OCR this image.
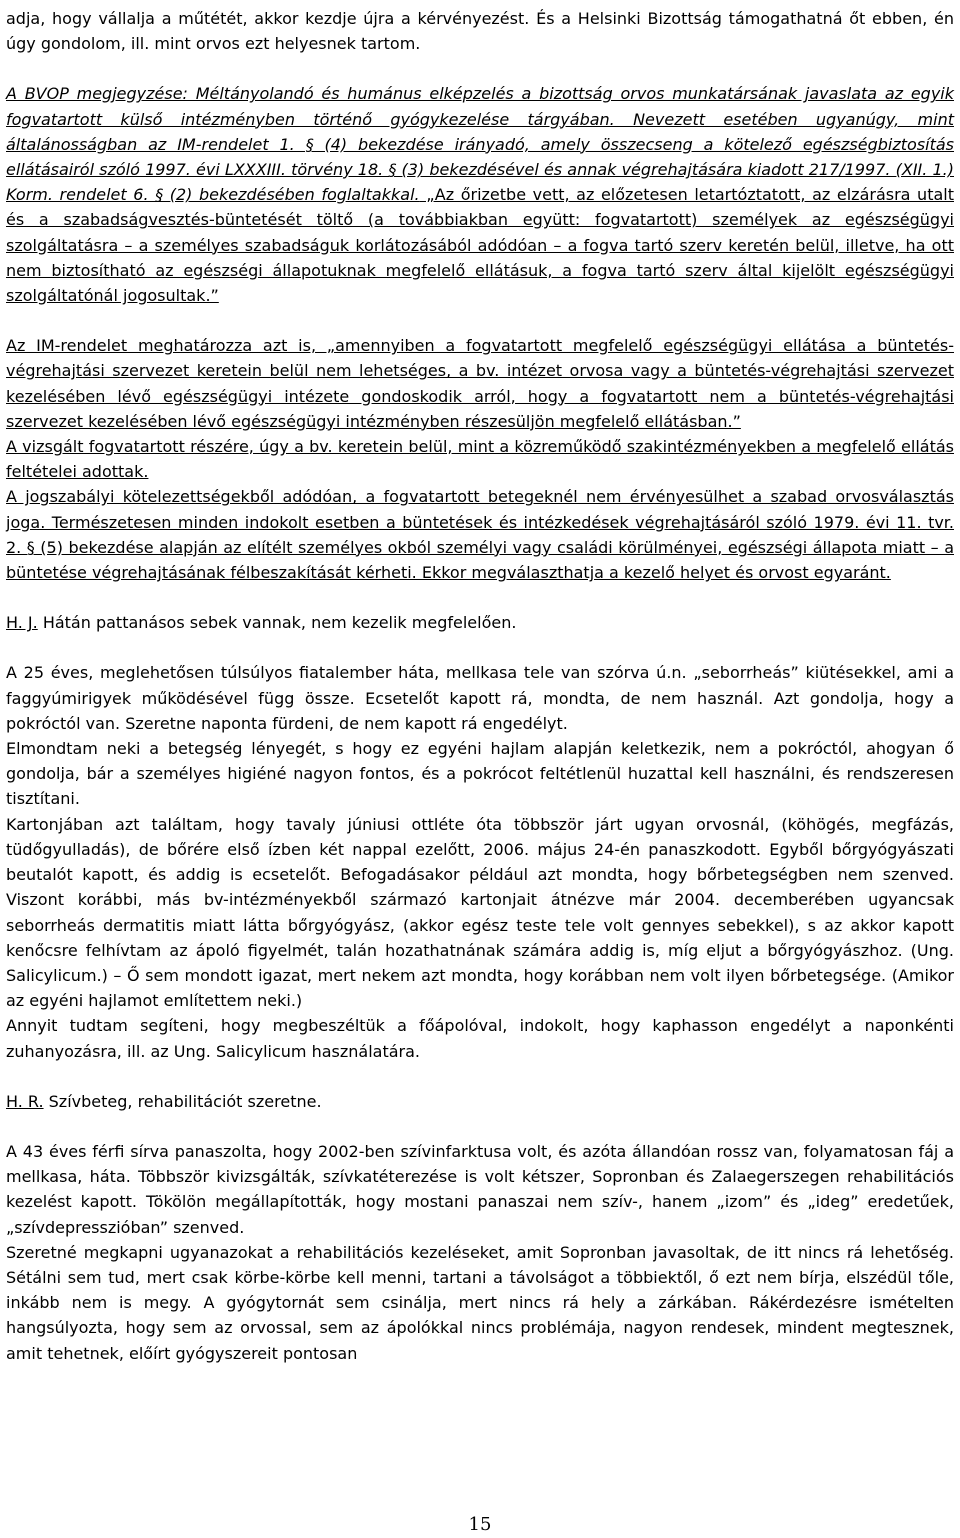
adja, hogy vállalja a műtétét, akkor kezdje újra a kérvényezést. És a Helsinki Bizottság támogathatná őt ebben, én úgy gondolom, ill. mint orvos ezt helyesnek tartom.

A BVOP megjegyzése: Méltányolandó és humánus elképzelés a bizottság orvos munkatársának javaslata az egyik fogvatartott külső intézményben történő gyógykezelése tárgyában. Nevezett esetében ugyanúgy, mint általánosságban az IM-rendelet 1. § (4) bekezdése irányadó, amely összecseng a kötelező egészségbiztosítás ellátásairól szóló 1997. évi LXXXIII. törvény 18. § (3) bekezdésével és annak végrehajtására kiadott 217/1997. (XII. 1.) Korm. rendelet 6. § (2) bekezdésében foglaltakkal. „Az őrizetbe vett, az előzetesen letartóztatott, az elzárásra utalt és a szabadságvesztés-büntetését töltő (a továbbiakban együtt: fogvatartott) személyek az egészségügyi szolgáltatásra – a személyes szabadságuk korlátozásából adódóan – a fogva tartó szerv keretén belül, illetve, ha ott nem biztosítható az egészségi állapotuknak megfelelő ellátásuk, a fogva tartó szerv által kijelölt egészségügyi szolgáltatónál jogosultak.”

Az IM-rendelet meghatározza azt is, „amennyiben a fogvatartott megfelelő egészségügyi ellátása a büntetés-végrehajtási szervezet keretein belül nem lehetséges, a bv. intézet orvosa vagy a büntetés-végrehajtási szervezet kezelésében lévő egészségügyi intézete gondoskodik arról, hogy a fogvatartott nem a büntetés-végrehajtási szervezet kezelésében lévő egészségügyi intézményben részesüljön megfelelő ellátásban.”

A vizsgált fogvatartott részére, úgy a bv. keretein belül, mint a közreműködő szakintézményekben a megfelelő ellátás feltételei adottak.

A jogszabályi kötelezettségekből adódóan, a fogvatartott betegeknél nem érvényesülhet a szabad orvosválasztás joga. Természetesen minden indokolt esetben a büntetések és intézkedések végrehajtásáról szóló 1979. évi 11. tvr. 2. § (5) bekezdése alapján az elítélt személyes okból személyi vagy családi körülményei, egészségi állapota miatt – a büntetése végrehajtásának félbeszakítását kérheti. Ekkor megválaszthatja a kezelő helyet és orvost egyaránt.

H. J. Hátán pattanásos sebek vannak, nem kezelik megfelelően.

A 25 éves, meglehetősen túlsúlyos fiatalember háta, mellkasa tele van szórva ú.n. „seborrheás” kiütésekkel, ami a faggyúmirigyek működésével függ össze. Ecsetelőt kapott rá, mondta, de nem használ. Azt gondolja, hogy a pokróctól van. Szeretne naponta fürdeni, de nem kapott rá engedélyt.

Elmondtam neki a betegség lényegét, s hogy ez egyéni hajlam alapján keletkezik, nem a pokróctól, ahogyan ő gondolja, bár a személyes higiéné nagyon fontos, és a pokrócot feltétlenül huzattal kell használni, és rendszeresen tisztítani.

Kartonjában azt találtam, hogy tavaly júniusi ottléte óta többször járt ugyan orvosnál, (köhögés, megfázás, tüdőgyulladás), de bőrére első ízben két nappal ezelőtt, 2006. május 24-én panaszkodott. Egyből bőrgyógyászati beutalót kapott, és addig is ecsetelőt. Befogadásakor például azt mondta, hogy bőrbetegségben nem szenved. Viszont korábbi, más bv-intézményekből származó kartonjait átnézve már 2004. decemberében ugyancsak seborrheás dermatitis miatt látta bőrgyógyász, (akkor egész teste tele volt gennyes sebekkel), s az akkor kapott kenőcsre felhívtam az ápoló figyelmét, talán hozathatnának számára addig is, míg eljut a bőrgyógyászhoz. (Ung. Salicylicum.) – Ő sem mondott igazat, mert nekem azt mondta, hogy korábban nem volt ilyen bőrbetegsége. (Amikor az egyéni hajlamot említettem neki.)

Annyit tudtam segíteni, hogy megbeszéltük a főápolóval, indokolt, hogy kaphasson engedélyt a naponkénti zuhanyozásra, ill. az Ung. Salicylicum használatára.

H. R. Szívbeteg, rehabilitációt szeretne.

A 43 éves férfi sírva panaszolta, hogy 2002-ben szívinfarktusa volt, és azóta állandóan rossz van, folyamatosan fáj a mellkasa, háta. Többször kivizsgálták, szívkatéterezése is volt kétszer, Sopronban és Zalaegerszegen rehabilitációs kezelést kapott. Tökölön megállapították, hogy mostani panaszai nem szív-, hanem „izom” és „ideg” eredetűek, „szívdepresszióban” szenved.

Szeretné megkapni ugyanazokat a rehabilitációs kezeléseket, amit Sopronban javasoltak, de itt nincs rá lehetőség. Sétálni sem tud, mert csak körbe-körbe kell menni, tartani a távolságot a többiektől, ő ezt nem bírja, elszédül tőle, inkább nem is megy. A gyógytornát sem csinálja, mert nincs rá hely a zárkában. Rákérdezésre ismételten hangsúlyozta, hogy sem az orvossal, sem az ápolókkal nincs problémája, nagyon rendesek, mindent megtesznek, amit tehetnek, előírt gyógyszereit pontosan

15
